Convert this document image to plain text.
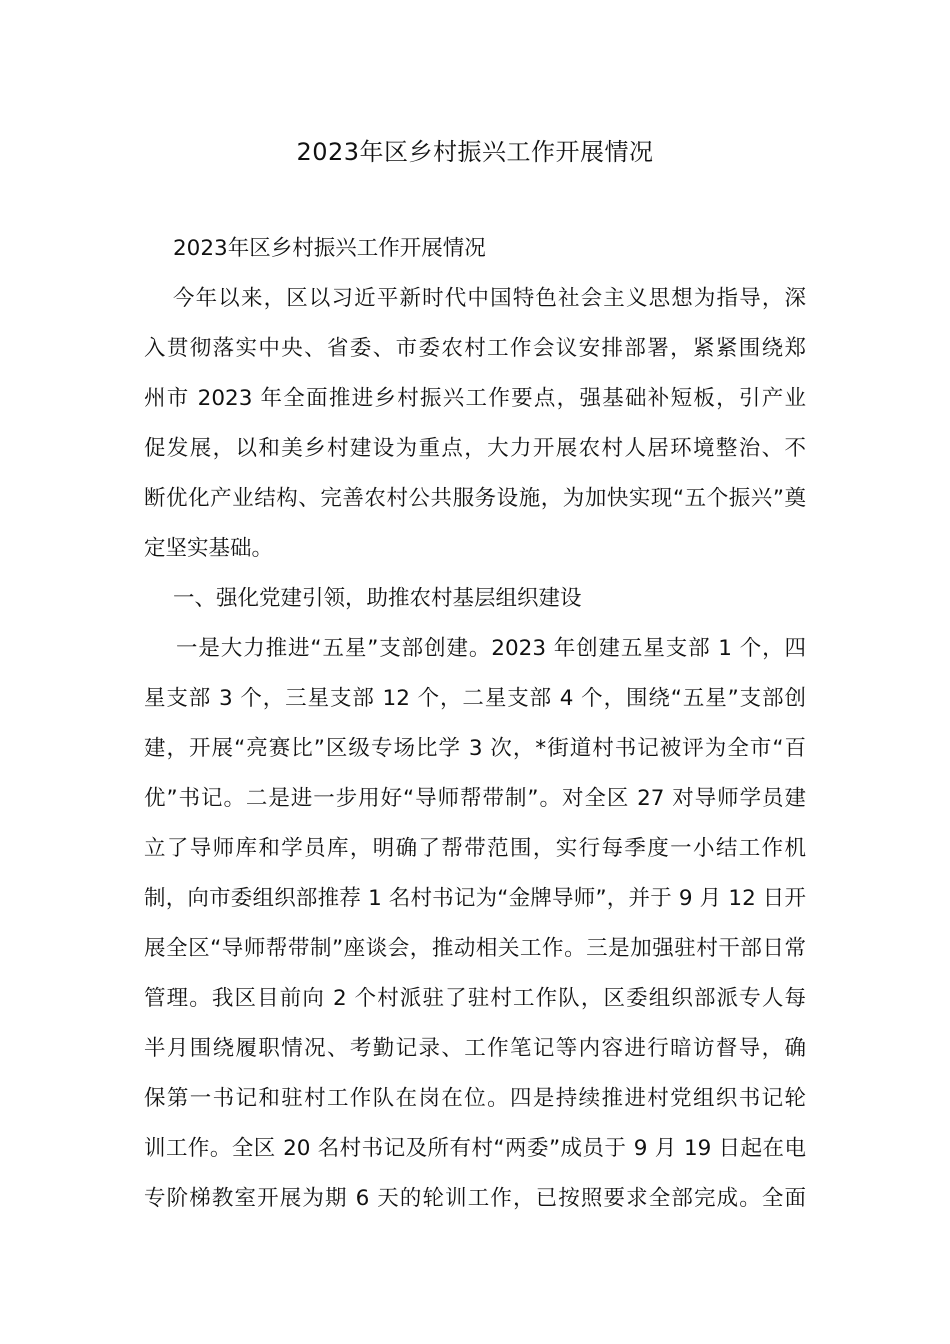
2023年区乡村振兴工作开展情况
2023年区乡村振兴工作开展情况
今年以来，区以习近平新时代中国特色社会主义思想为指导，深
入贯彻落实中央、省委、市委农村工作会议安排部署，紧紧围绕郑
州市 2023 年全面推进乡村振兴工作要点，强基础补短板，引产业
促发展，以和美乡村建设为重点，大力开展农村人居环境整治、不
断优化产业结构、完善农村公共服务设施，为加快实现“五个振兴”奠
定坚实基础。
一、强化党建引领，助推农村基层组织建设
一是大力推进“五星”支部创建。2023 年创建五星支部 1 个，四
星支部 3 个，三星支部 12 个，二星支部 4 个，围绕“五星”支部创
建，开展“亮赛比”区级专场比学 3 次，*街道村书记被评为全市“百
优”书记。二是进一步用好“导师帮带制”。对全区 27 对导师学员建
立了导师库和学员库，明确了帮带范围，实行每季度一小结工作机
制，向市委组织部推荐 1 名村书记为“金牌导师”，并于 9 月 12 日开
展全区“导师帮带制”座谈会，推动相关工作。三是加强驻村干部日常
管理。我区目前向 2 个村派驻了驻村工作队，区委组织部派专人每
半月围绕履职情况、考勤记录、工作笔记等内容进行暗访督导，确
保第一书记和驻村工作队在岗在位。四是持续推进村党组织书记轮
训工作。全区 20 名村书记及所有村“两委”成员于 9 月 19 日起在电
专阶梯教室开展为期 6 天的轮训工作，已按照要求全部完成。全面
